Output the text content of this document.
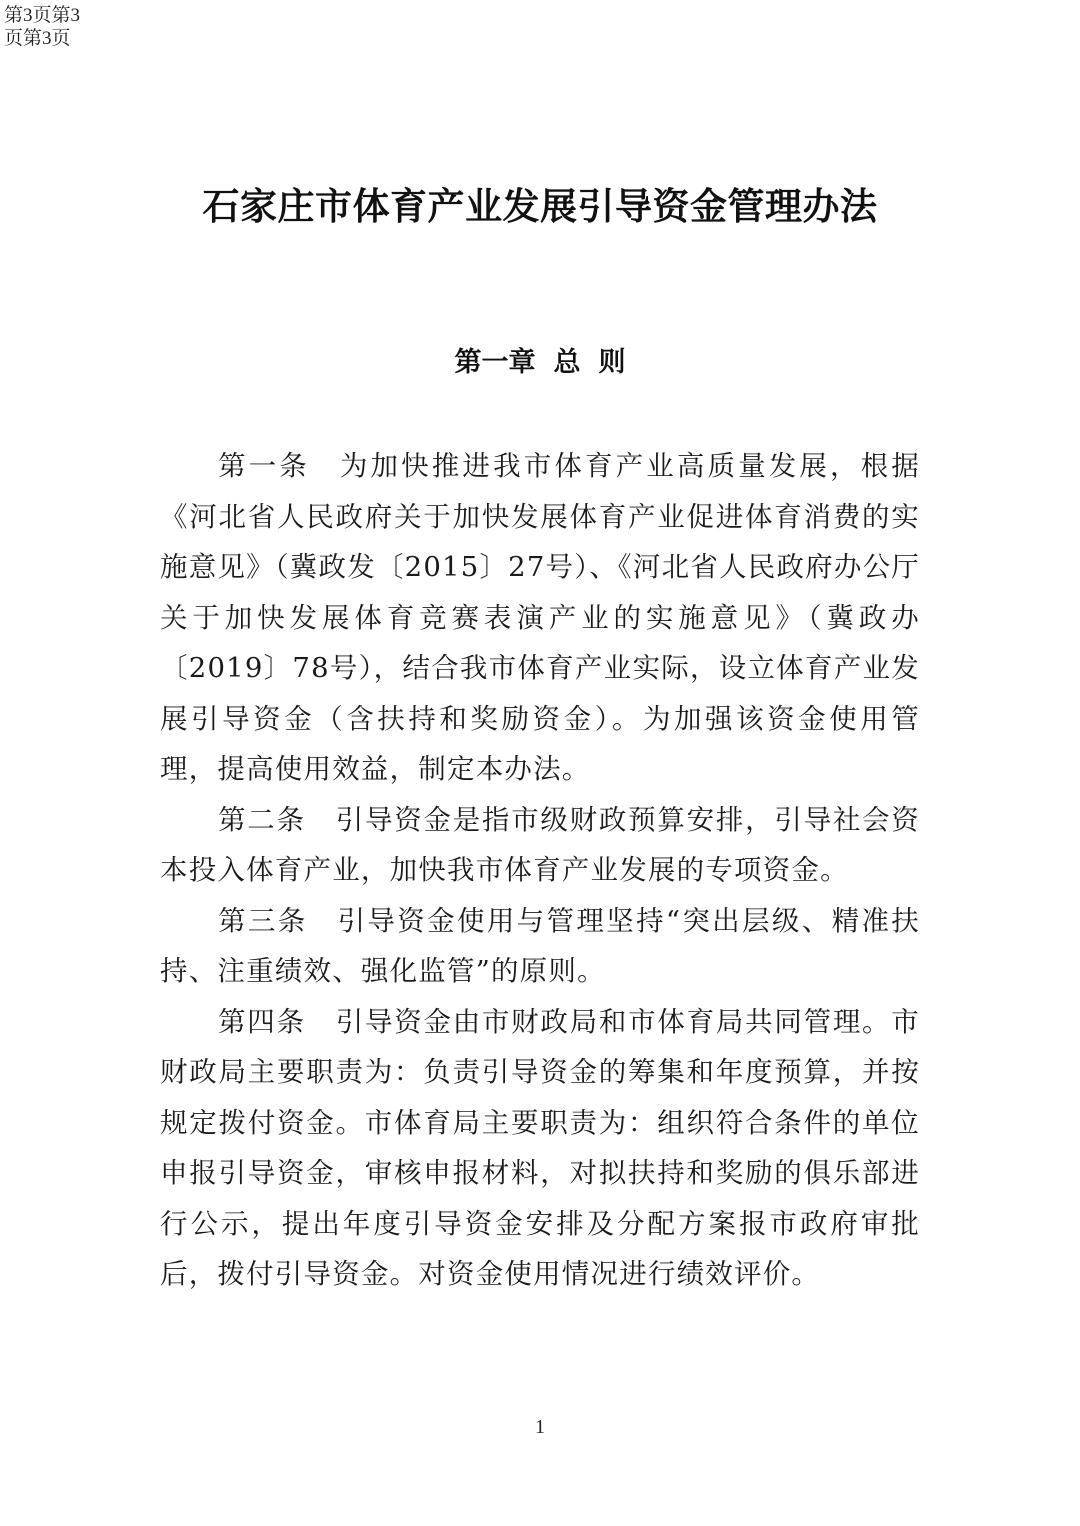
第3页第3页第3页
石家庄市体育产业发展引导资金管理办法
第一章 总 则

第一条 为加快推进我市体育产业高质量发展，根据《河北省人民政府关于加快发展体育产业促进体育消费的实施意见》（冀政发〔2015〕27号）、《河北省人民政府办公厅关于加快发展体育竞赛表演产业的实施意见》（冀政办〔2019〕78号），结合我市体育产业实际，设立体育产业发展引导资金（含扶持和奖励资金）。为加强该资金使用管理，提高使用效益，制定本办法。

第二条 引导资金是指市级财政预算安排，引导社会资本投入体育产业，加快我市体育产业发展的专项资金。

第三条 引导资金使用与管理坚持“突出层级、精准扶持、注重绩效、强化监管”的原则。

第四条 引导资金由市财政局和市体育局共同管理。市财政局主要职责为：负责引导资金的筹集和年度预算，并按规定拨付资金。市体育局主要职责为：组织符合条件的单位申报引导资金，审核申报材料，对拟扶持和奖励的俱乐部进行公示，提出年度引导资金安排及分配方案报市政府审批后，拨付引导资金。对资金使用情况进行绩效评价。

1
